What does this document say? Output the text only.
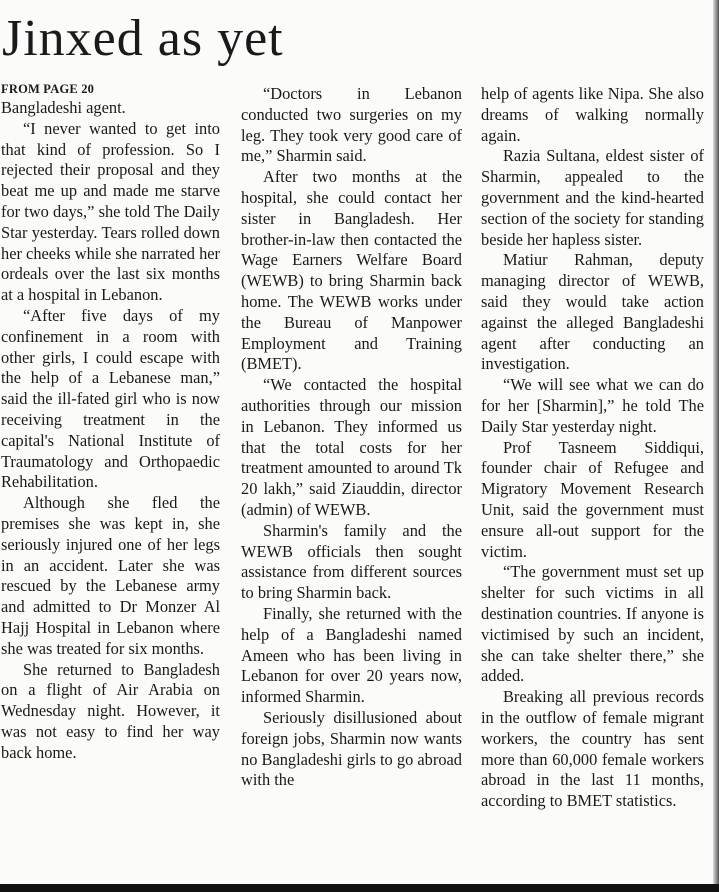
Jinxed as yet
FROM PAGE 20

Bangladeshi agent.

“I never wanted to get into that kind of profession. So I rejected their proposal and they beat me up and made me starve for two days,” she told The Daily Star yesterday. Tears rolled down her cheeks while she narrated her ordeals over the last six months at a hospital in Lebanon.

“After five days of my confinement in a room with other girls, I could escape with the help of a Lebanese man,” said the ill-fated girl who is now receiving treatment in the capital's National Institute of Traumatology and Orthopaedic Rehabilitation.

Although she fled the premises she was kept in, she seriously injured one of her legs in an accident. Later she was rescued by the Lebanese army and admitted to Dr Monzer Al Hajj Hospital in Lebanon where she was treated for six months.

She returned to Bangladesh on a flight of Air Arabia on Wednesday night. However, it was not easy to find her way back home.

“Doctors in Lebanon conducted two surgeries on my leg. They took very good care of me,” Sharmin said.

After two months at the hospital, she could contact her sister in Bangladesh. Her brother-in-law then contacted the Wage Earners Welfare Board (WEWB) to bring Sharmin back home. The WEWB works under the Bureau of Manpower Employment and Training (BMET).

“We contacted the hospital authorities through our mission in Lebanon. They informed us that the total costs for her treatment amounted to around Tk 20 lakh,” said Ziauddin, director (admin) of WEWB.

Sharmin's family and the WEWB officials then sought assistance from different sources to bring Sharmin back.

Finally, she returned with the help of a Bangladeshi named Ameen who has been living in Lebanon for over 20 years now, informed Sharmin.

Seriously disillusioned about foreign jobs, Sharmin now wants no Bangladeshi girls to go abroad with the

help of agents like Nipa. She also dreams of walking normally again.

Razia Sultana, eldest sister of Sharmin, appealed to the government and the kind-hearted section of the society for standing beside her hapless sister.

Matiur Rahman, deputy managing director of WEWB, said they would take action against the alleged Bangladeshi agent after conducting an investigation.

“We will see what we can do for her [Sharmin],” he told The Daily Star yesterday night.

Prof Tasneem Siddiqui, founder chair of Refugee and Migratory Movement Research Unit, said the government must ensure all-out support for the victim.

“The government must set up shelter for such victims in all destination countries. If anyone is victimised by such an incident, she can take shelter there,” she added.

Breaking all previous records in the outflow of female migrant workers, the country has sent more than 60,000 female workers abroad in the last 11 months, according to BMET statistics.
